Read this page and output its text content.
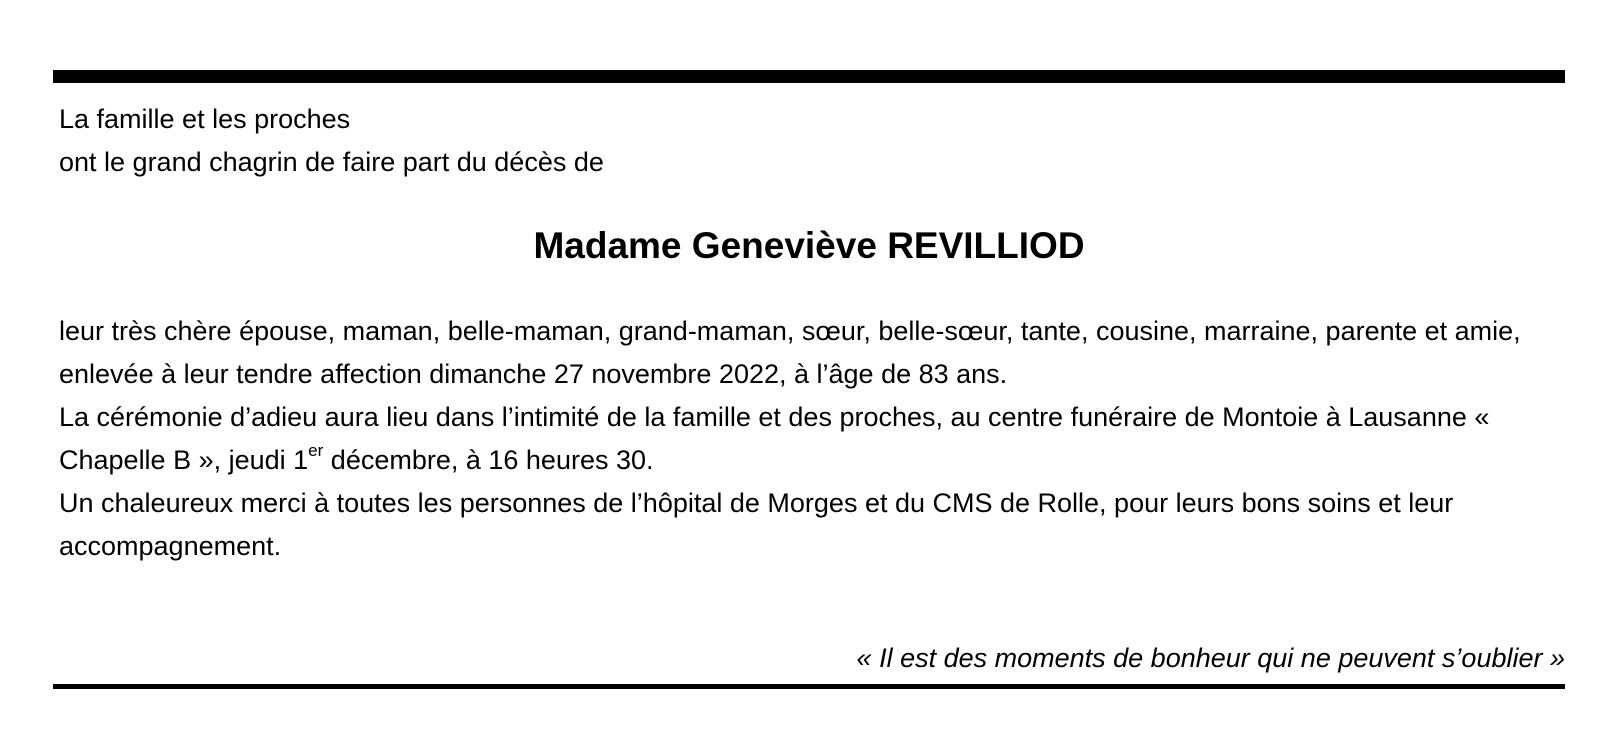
La famille et les proches
ont le grand chagrin de faire part du décès de
Madame Geneviève REVILLIOD

leur très chère épouse, maman, belle-maman, grand-maman, sœur, belle-sœur, tante, cousine, marraine, parente et amie, enlevée à leur tendre affection dimanche 27 novembre 2022, à l’âge de 83 ans.

La cérémonie d’adieu aura lieu dans l’intimité de la famille et des proches, au centre funéraire de Montoie à Lausanne « Chapelle B », jeudi 1er décembre, à 16 heures 30.

Un chaleureux merci à toutes les personnes de l’hôpital de Morges et du CMS de Rolle, pour leurs bons soins et leur accompagnement.

« Il est des moments de bonheur qui ne peuvent s’oublier »
